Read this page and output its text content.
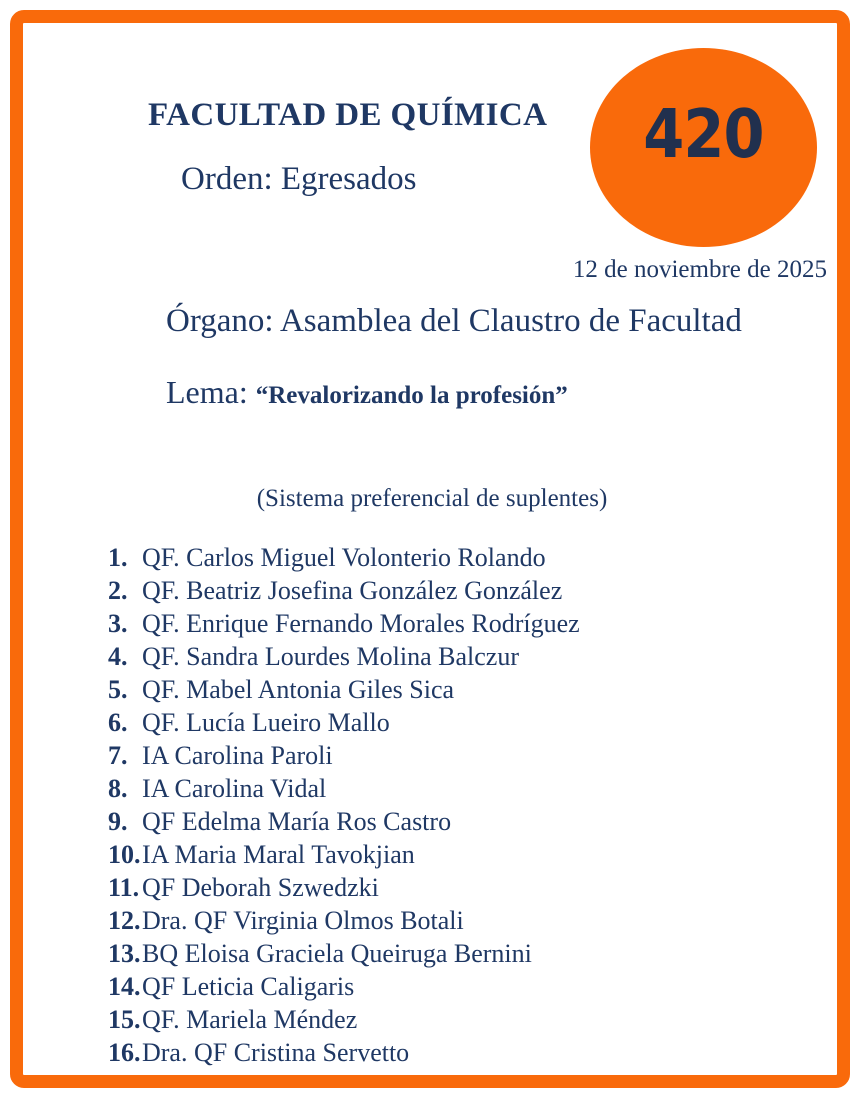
FACULTAD DE QUÍMICA
Orden: Egresados
420
12 de noviembre de 2025
Órgano: Asamblea del Claustro de Facultad
Lema: “Revalorizando la profesión”
(Sistema preferencial de suplentes)
1. QF. Carlos Miguel Volonterio Rolando
2. QF. Beatriz Josefina González González
3. QF. Enrique Fernando Morales Rodríguez
4. QF. Sandra Lourdes Molina Balczur
5. QF. Mabel Antonia Giles Sica
6. QF. Lucía Lueiro Mallo
7. IA Carolina Paroli
8. IA Carolina Vidal
9. QF Edelma María Ros Castro
10. IA Maria Maral Tavokjian
11. QF Deborah Szwedzki
12. Dra. QF Virginia Olmos Botali
13. BQ Eloisa Graciela Queiruga Bernini
14. QF Leticia Caligaris
15. QF. Mariela Méndez
16. Dra. QF Cristina Servetto
